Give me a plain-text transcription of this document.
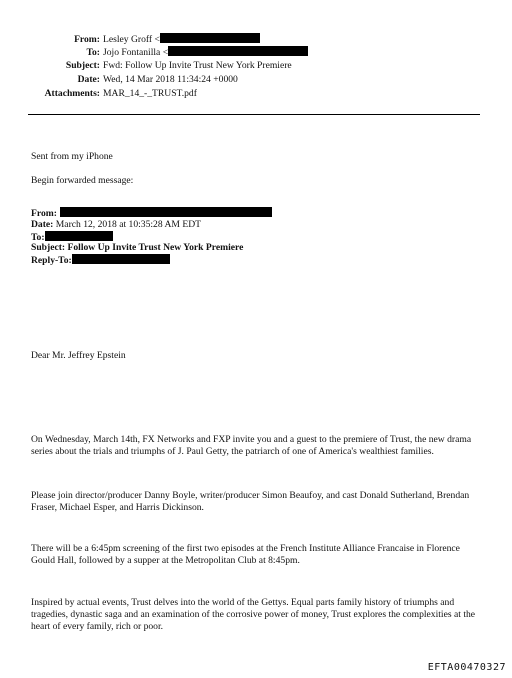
From: Lesley Groff <
To: Jojo Fontanilla <
Subject: Fwd: Follow Up Invite Trust New York Premiere
Date: Wed, 14 Mar 2018 11:34:24 +0000
Attachments: MAR_14_-_TRUST.pdf
Sent from my iPhone
Begin forwarded message:
From:
Date: March 12, 2018 at 10:35:28 AM EDT
To:
Subject: Follow Up Invite Trust New York Premiere
Reply-To:
Dear Mr. Jeffrey Epstein
On Wednesday, March 14th, FX Networks and FXP invite you and a guest to the premiere of Trust, the new drama series about the trials and triumphs of J. Paul Getty, the patriarch of one of America's wealthiest families.
Please join director/producer Danny Boyle, writer/producer Simon Beaufoy, and cast Donald Sutherland, Brendan Fraser, Michael Esper, and Harris Dickinson.
There will be a 6:45pm screening of the first two episodes at the French Institute Alliance Francaise in Florence Gould Hall, followed by a supper at the Metropolitan Club at 8:45pm.
Inspired by actual events, Trust delves into the world of the Gettys. Equal parts family history of triumphs and tragedies, dynastic saga and an examination of the corrosive power of money, Trust explores the complexities at the heart of every family, rich or poor.
EFTA00470327
